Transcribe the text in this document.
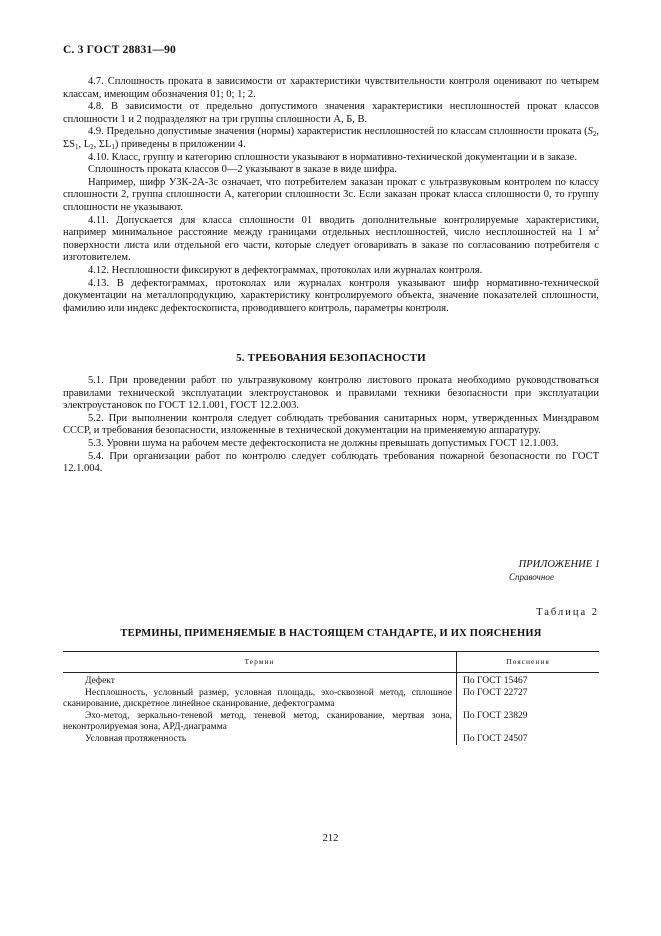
С. 3 ГОСТ 28831—90

4.7. Сплошность проката в зависимости от характеристики чувствительности контроля оценивают по четырем классам, имеющим обозначения 01; 0; 1; 2.

4.8. В зависимости от предельно допустимого значения характеристики несплошностей прокат классов сплошности 1 и 2 подразделяют на три группы сплошности А, Б, В.

4.9. Предельно допустимые значения (нормы) характеристик несплошностей по классам сплошности проката ($S_2$, $\Sigma S_1$, $L_2$, $\Sigma L_1$) приведены в приложении 4.

4.10. Класс, группу и категорию сплошности указывают в нормативно-технической документации и в заказе.

Сплошность проката классов 0—2 указывают в заказе в виде шифра.

Например, шифр УЗК-2А-3с означает, что потребителем заказан прокат с ультразвуковым контролем по классу сплошности 2, группа сплошности А, категории сплошности 3с. Если заказан прокат класса сплошности 0, то группу сплошности не указывают.

4.11. Допускается для класса сплошности 01 вводить дополнительные контролируемые характеристики, например минимальное расстояние между границами отдельных несплошностей, число несплошностей на 1 $м^2$ поверхности листа или отдельной его части, которые следует оговаривать в заказе по согласованию потребителя с изготовителем.

4.12. Несплошности фиксируют в дефектограммах, протоколах или журналах контроля.

4.13. В дефектограммах, протоколах или журналах контроля указывают шифр нормативно-технической документации на металлопродукцию, характеристику контролируемого объекта, значение показателей сплошности, фамилию или индекс дефектоскописта, проводившего контроль, параметры контроля.

5. ТРЕБОВАНИЯ БЕЗОПАСНОСТИ

5.1. При проведении работ по ультразвуковому контролю листового проката необходимо руководствоваться правилами технической эксплуатации электроустановок и правилами техники безопасности при эксплуатации электроустановок по ГОСТ 12.1.001, ГОСТ 12.2.003.

5.2. При выполнении контроля следует соблюдать требования санитарных норм, утвержденных Минздравом СССР, и требования безопасности, изложенные в технической документации на применяемую аппаратуру.

5.3. Уровни шума на рабочем месте дефектоскописта не должны превышать допустимых ГОСТ 12.1.003.

5.4. При организации работ по контролю следует соблюдать требования пожарной безопасности по ГОСТ 12.1.004.

ПРИЛОЖЕНИЕ 1
Справочное
Таблица 2
ТЕРМИНЫ, ПРИМЕНЯЕМЫЕ В НАСТОЯЩЕМ СТАНДАРТЕ, И ИХ ПОЯСНЕНИЯ
Термин	Пояснения
Дефект	По ГОСТ 15467
Несплошность, условный размер, условная площадь, эхо-сквозной метод, сплошное сканирование, дискретное линейное сканирование, дефектограмма	По ГОСТ 22727
Эхо-метод, зеркально-теневой метод, теневой метод, сканирование, мертвая зона, неконтролируемая зона, АРД-диаграмма	По ГОСТ 23829
Условная протяженность	По ГОСТ 24507
212
